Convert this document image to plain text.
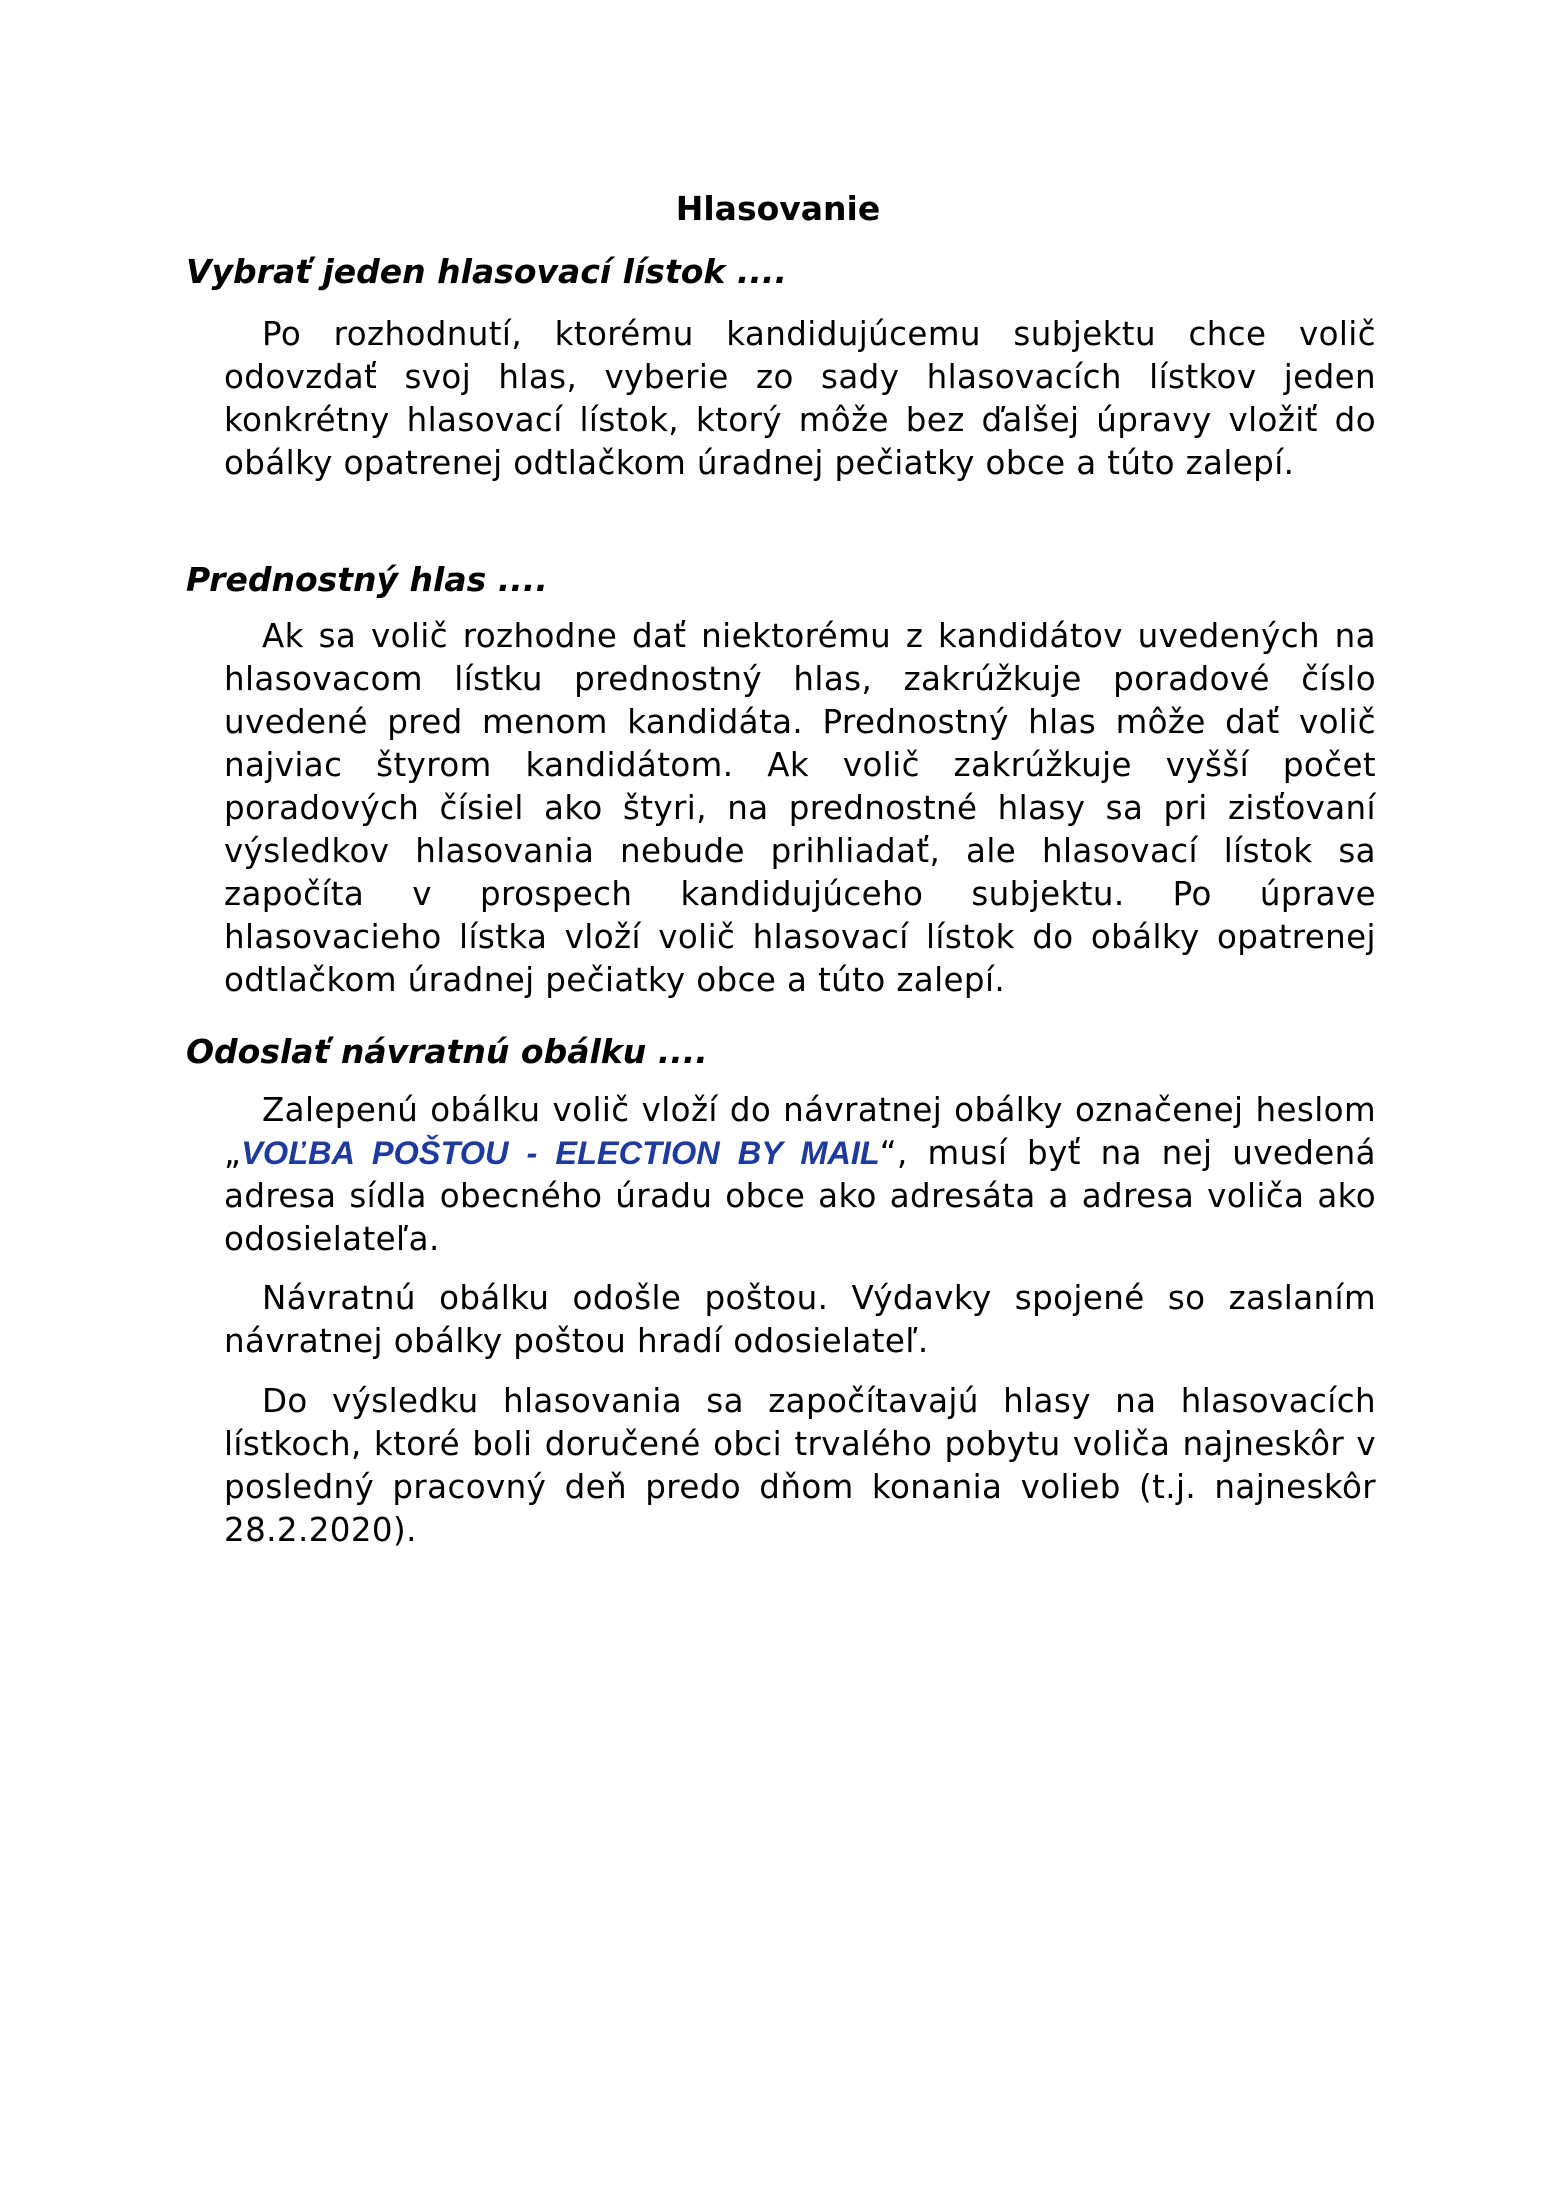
Hlasovanie
Vybrať jeden hlasovací lístok ....

Po rozhodnutí, ktorému kandidujúcemu subjektu chce volič odovzdať svoj hlas, vyberie zo sady hlasovacích lístkov jeden konkrétny hlasovací lístok, ktorý môže bez ďalšej úpravy vložiť do obálky opatrenej odtlačkom úradnej pečiatky obce a túto zalepí.

Prednostný hlas ....

Ak sa volič rozhodne dať niektorému z kandidátov uvedených na hlasovacom lístku prednostný hlas, zakrúžkuje poradové číslo uvedené pred menom kandidáta. Prednostný hlas môže dať volič najviac štyrom kandidátom. Ak volič zakrúžkuje vyšší počet poradových čísiel ako štyri, na prednostné hlasy sa pri zisťovaní výsledkov hlasovania nebude prihliadať, ale hlasovací lístok sa započíta v prospech kandidujúceho subjektu. Po úprave hlasovacieho lístka vloží volič hlasovací lístok do obálky opatrenej odtlačkom úradnej pečiatky obce a túto zalepí.

Odoslať návratnú obálku ....

Zalepenú obálku volič vloží do návratnej obálky označenej heslom „VOĽBA POŠTOU - ELECTION BY MAIL“, musí byť na nej uvedená adresa sídla obecného úradu obce ako adresáta a adresa voliča ako odosielateľa.

Návratnú obálku odošle poštou. Výdavky spojené so zaslaním návratnej obálky poštou hradí odosielateľ.

Do výsledku hlasovania sa započítavajú hlasy na hlasovacích lístkoch, ktoré boli doručené obci trvalého pobytu voliča najneskôr v posledný pracovný deň predo dňom konania volieb (t.j. najneskôr 28.2.2020).
